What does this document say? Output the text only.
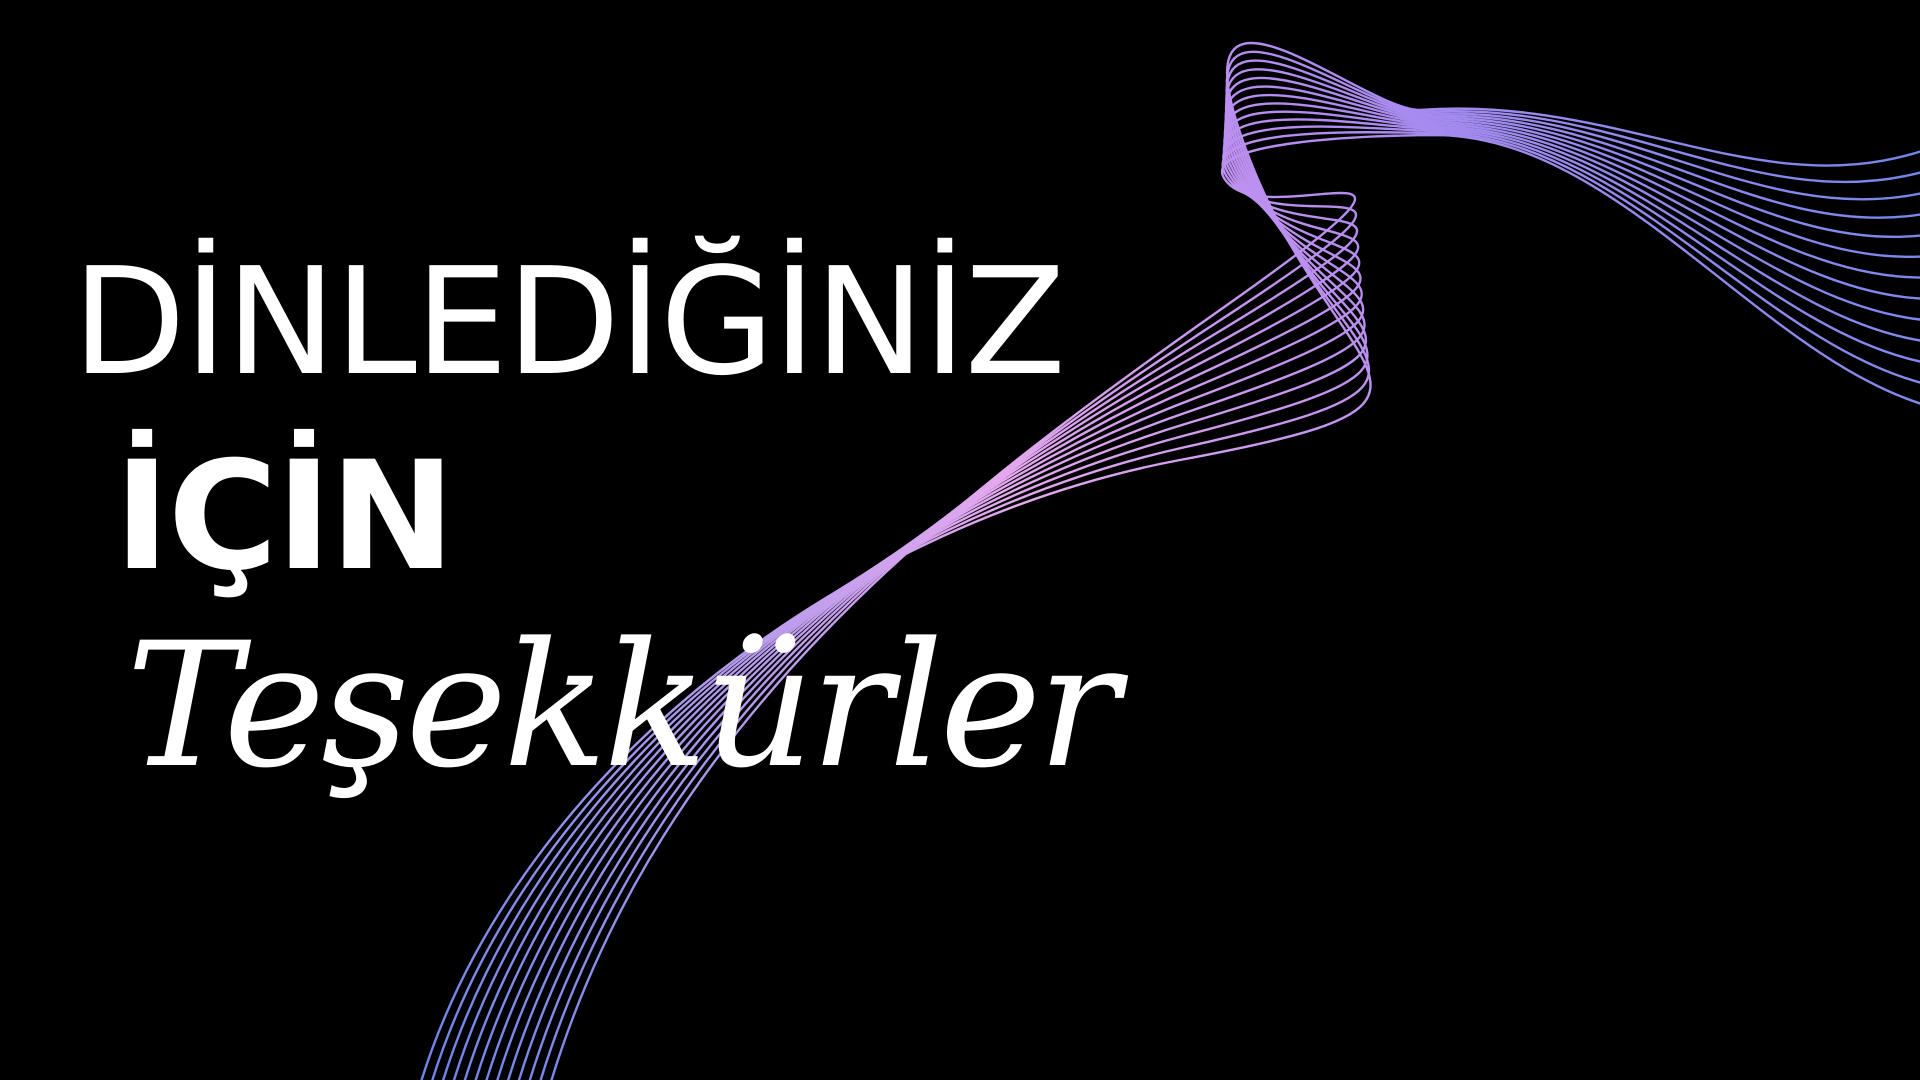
DİNLEDİĞİNİZ
İÇİN
Teşekkürler
